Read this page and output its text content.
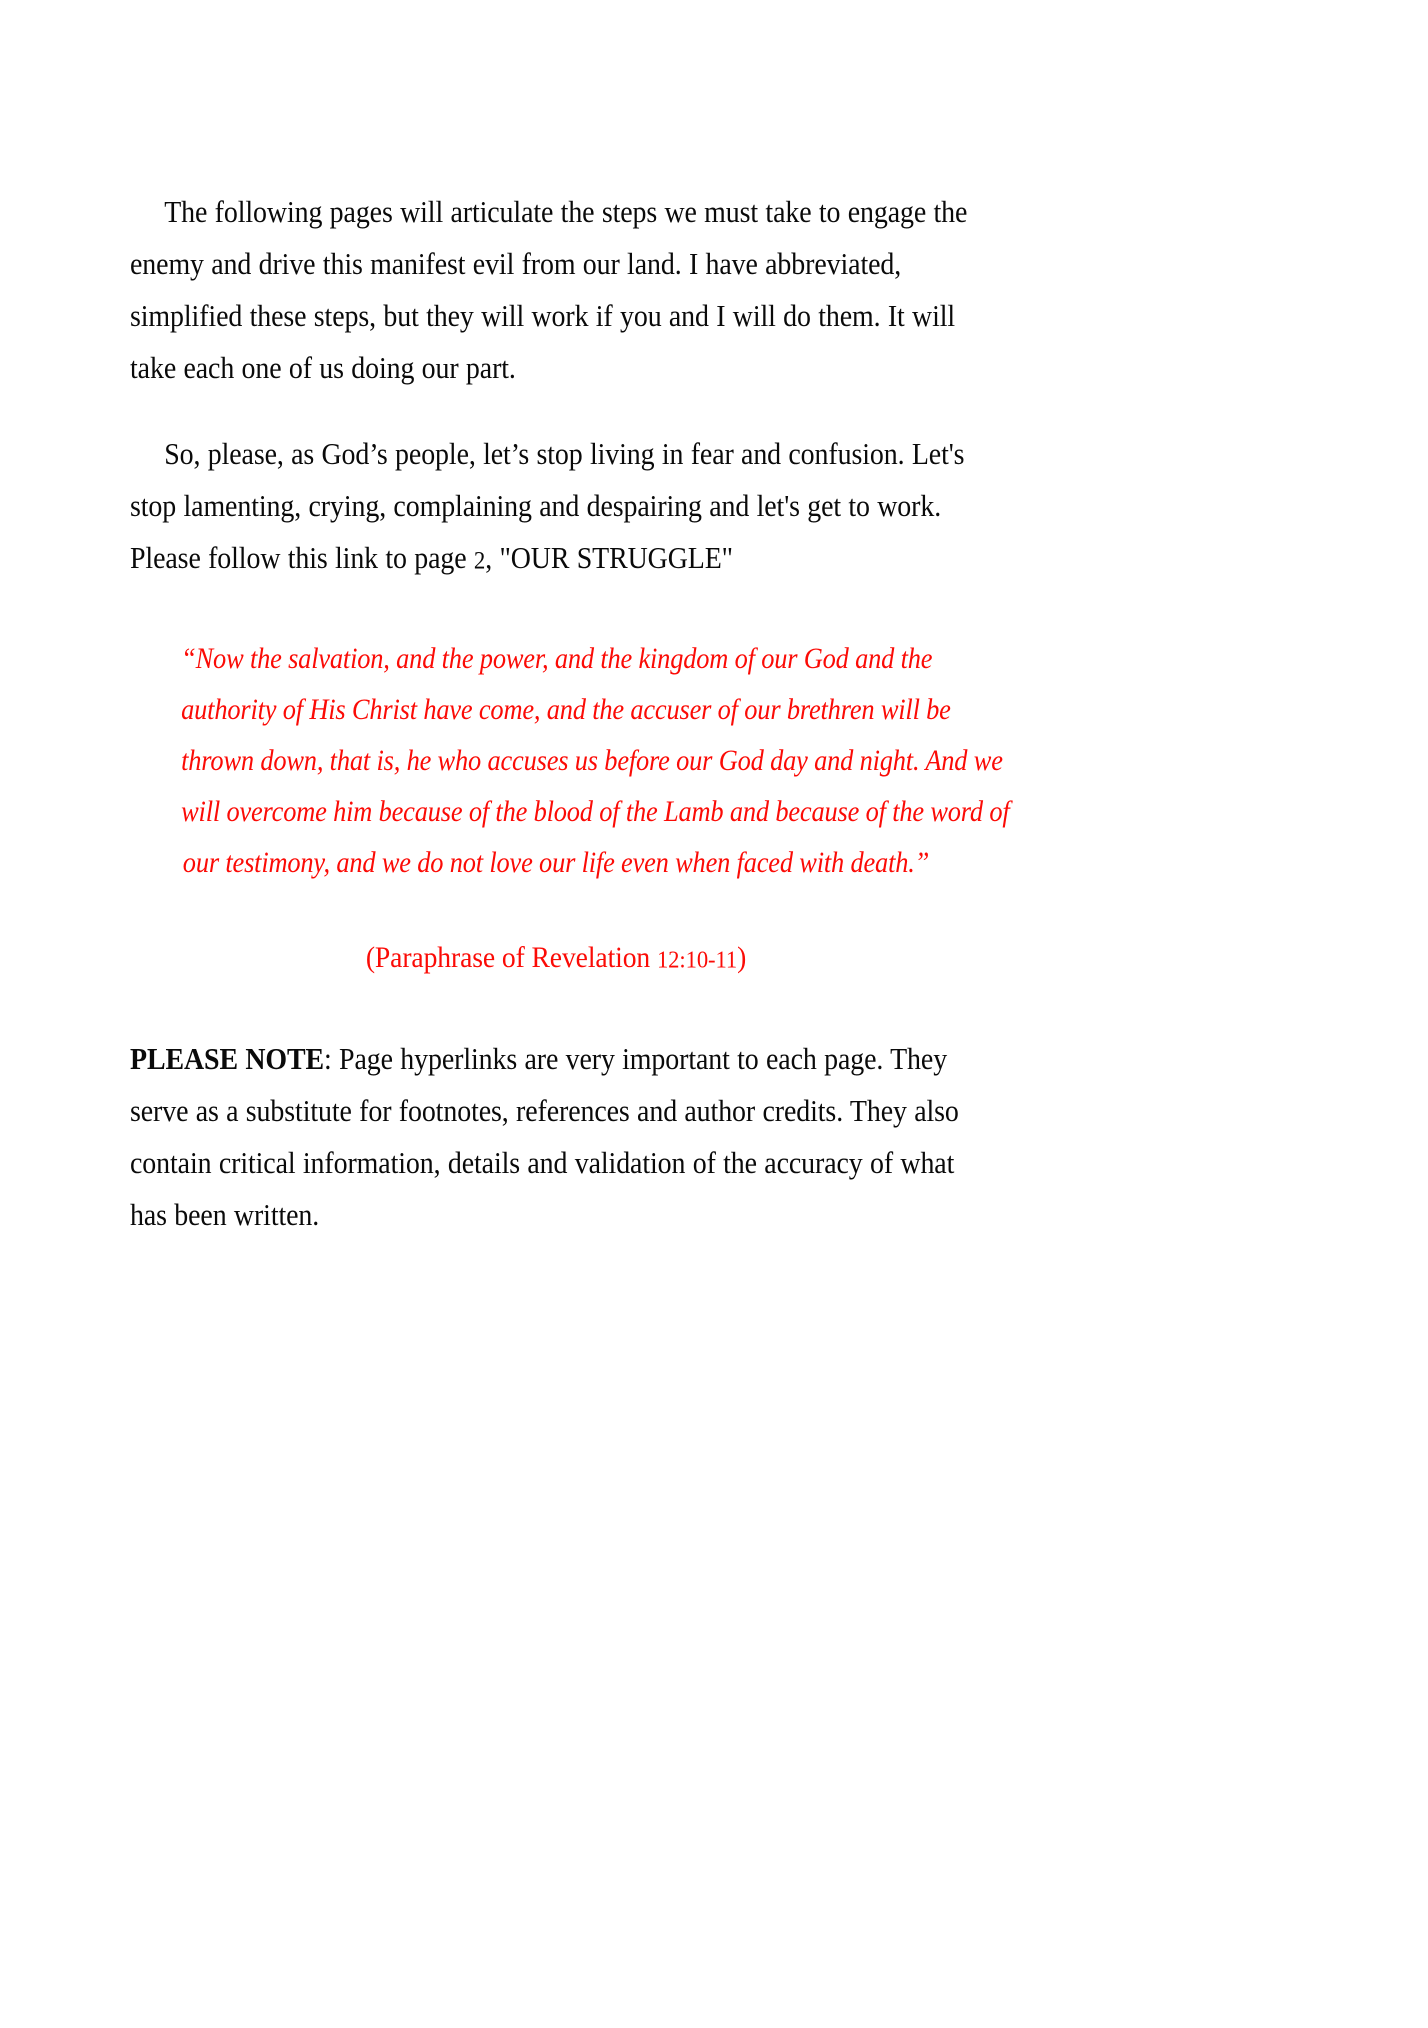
The following pages will articulate the steps we must take to engage the enemy and drive this manifest evil from our land. I have abbreviated, simplified these steps, but they will work if you and I will do them. It will take each one of us doing our part.

So, please, as God’s people, let’s stop living in fear and confusion. Let's stop lamenting, crying, complaining and despairing and let's get to work. Please follow this link to page 2, "OUR STRUGGLE"

“Now the salvation, and the power, and the kingdom of our God and the
authority of His Christ have come, and the accuser of our brethren will be
thrown down, that is, he who accuses us before our God day and night. And we
will overcome him because of the blood of the Lamb and because of the word of
our testimony, and we do not love our life even when faced with death.”
(Paraphrase of Revelation 12:10-11)

PLEASE NOTE: Page hyperlinks are very important to each page. They serve as a substitute for footnotes, references and author credits. They also contain critical information, details and validation of the accuracy of what has been written.
